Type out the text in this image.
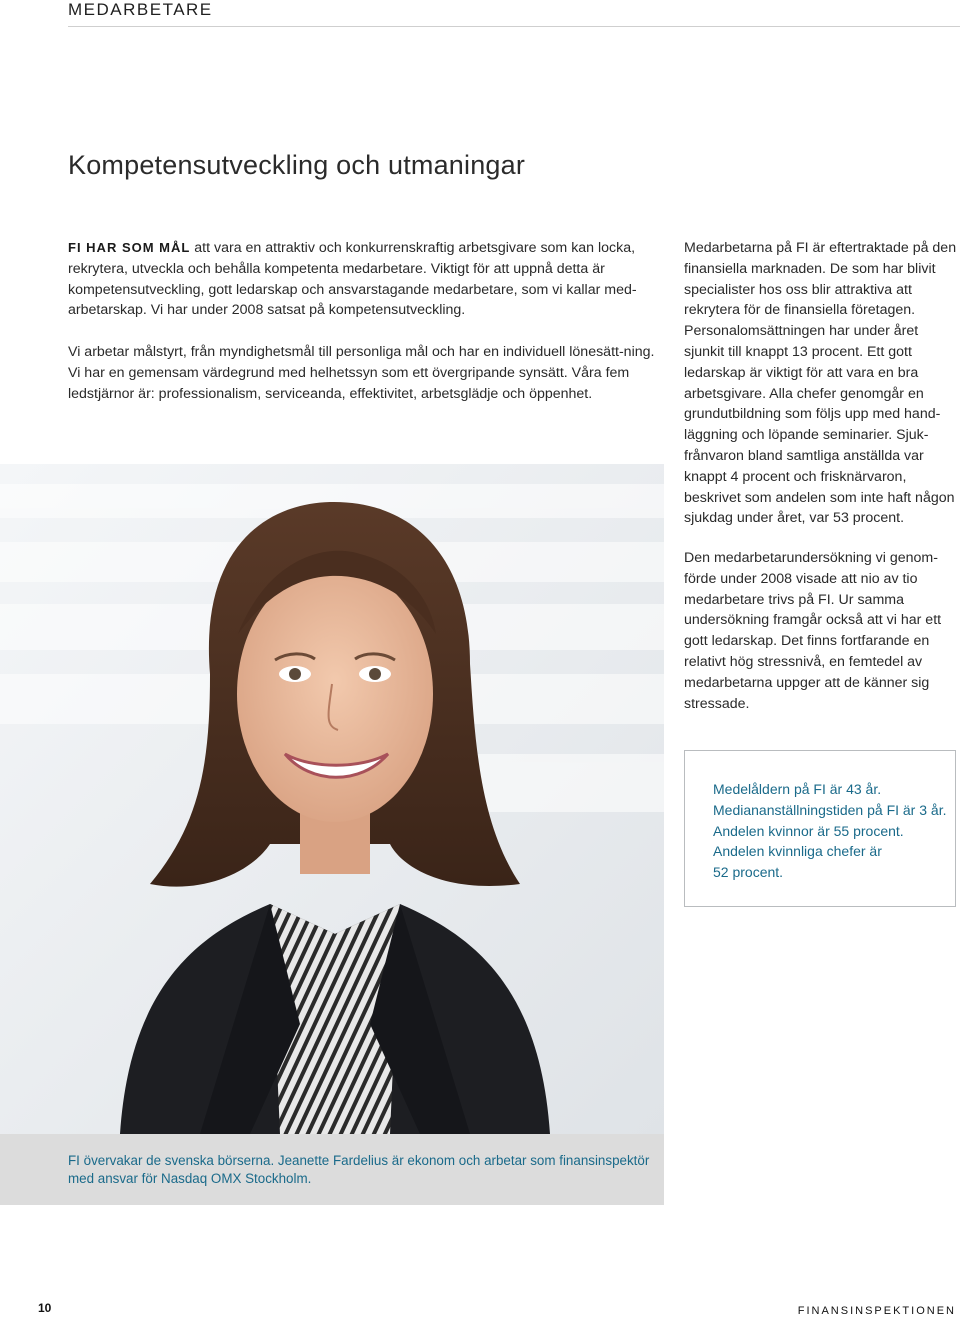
MEDARBETARE
Kompetensutveckling och utmaningar

FI HAR SOM MÅL att vara en attraktiv och konkurrenskraftig arbetsgivare som kan locka, rekrytera, utveckla och behålla kompetenta medarbetare. Viktigt för att uppnå detta är kompetensutveckling, gott ledarskap och ansvarstagande medarbetare, som vi kallar med-arbetarskap. Vi har under 2008 satsat på kompetensutveckling.

Vi arbetar målstyrt, från myndighetsmål till personliga mål och har en individuell lönesätt-ning. Vi har en gemensam värdegrund med helhetssyn som ett övergripande synsätt. Våra fem ledstjärnor är: professionalism, serviceanda, effektivitet, arbetsglädje och öppenhet.

Medarbetarna på FI är eftertraktade på den finansiella marknaden. De som har blivit specialister hos oss blir attraktiva att rekrytera för de finansiella företagen. Personalomsättningen har under året sjunkit till knappt 13 procent. Ett gott ledarskap är viktigt för att vara en bra arbetsgivare. Alla chefer genomgår en grundutbildning som följs upp med hand-läggning och löpande seminarier. Sjuk-frånvaron bland samtliga anställda var knappt 4 procent och frisknärvaron, beskrivet som andelen som inte haft någon sjukdag under året, var 53 procent.

Den medarbetarundersökning vi genom-förde under 2008 visade att nio av tio medarbetare trivs på FI. Ur samma undersökning framgår också att vi har ett gott ledarskap. Det finns fortfarande en relativt hög stressnivå, en femtedel av medarbetarna uppger att de känner sig stressade.

Medelåldern på FI är 43 år.
Mediananställningstiden på FI är 3 år.
Andelen kvinnor är 55 procent.
Andelen kvinnliga chefer är
52 procent.

FI övervakar de svenska börserna. Jeanette Fardelius är ekonom och arbetar som finansinspektör med ansvar för Nasdaq OMX Stockholm.

10	FINANSINSPEKTIONEN
